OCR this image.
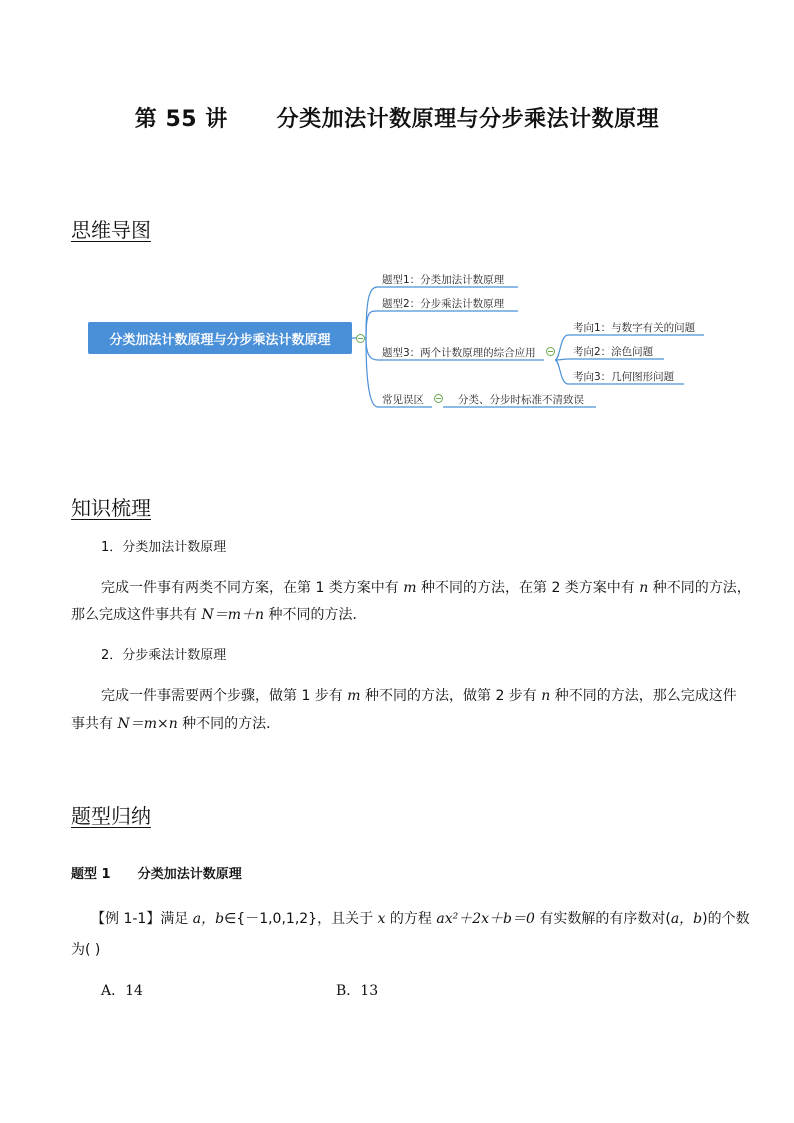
第 55 讲      分类加法计数原理与分步乘法计数原理
思维导图
分类加法计数原理与分步乘法计数原理
题型1：分类加法计数原理
题型2：分步乘法计数原理
题型3：两个计数原理的综合应用
常见误区
考向1：与数字有关的问题
考向2：涂色问题
考向3：几何图形问题
分类、分步时标准不清致误
知识梳理
1．分类加法计数原理
完成一件事有两类不同方案，在第 1 类方案中有 m 种不同的方法，在第 2 类方案中有 n 种不同的方法，
那么完成这件事共有 N＝m＋n 种不同的方法．
2．分步乘法计数原理
完成一件事需要两个步骤，做第 1 步有 m 种不同的方法，做第 2 步有 n 种不同的方法，那么完成这件
事共有 N＝m×n 种不同的方法．
题型归纳
题型 1      分类加法计数原理
【例 1-1】满足 a，b∈{－1,0,1,2}，且关于 x 的方程 ax²＋2x＋b＝0 有实数解的有序数对(a，b)的个数
为( )
A．14	B．13
